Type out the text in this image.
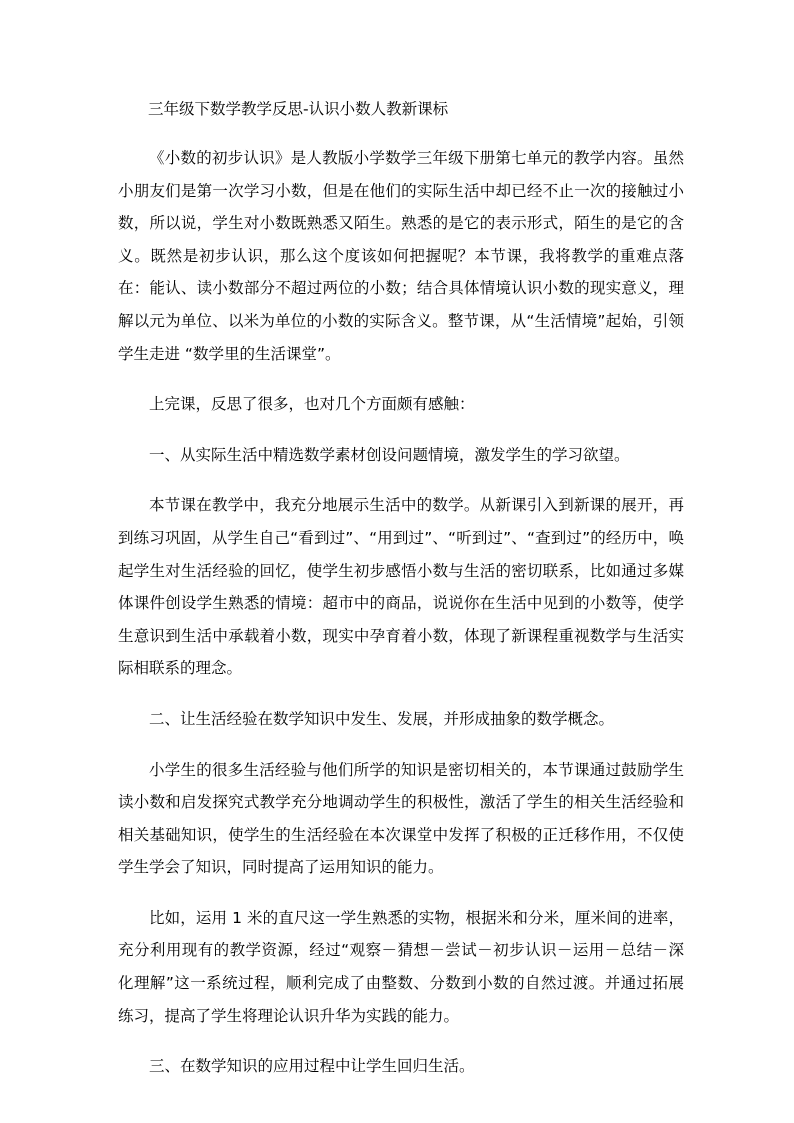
三年级下数学教学反思-认识小数人教新课标

《小数的初步认识》是人教版小学数学三年级下册第七单元的教学内容。虽然小朋友们是第一次学习小数，但是在他们的实际生活中却已经不止一次的接触过小数，所以说，学生对小数既熟悉又陌生。熟悉的是它的表示形式，陌生的是它的含义。既然是初步认识，那么这个度该如何把握呢？本节课，我将教学的重难点落在：能认、读小数部分不超过两位的小数；结合具体情境认识小数的现实意义，理解以元为单位、以米为单位的小数的实际含义。整节课，从“生活情境”起始，引领学生走进 “数学里的生活课堂”。

上完课，反思了很多，也对几个方面颇有感触：

一、从实际生活中精选数学素材创设问题情境，激发学生的学习欲望。

本节课在教学中，我充分地展示生活中的数学。从新课引入到新课的展开，再到练习巩固，从学生自己“看到过”、“用到过”、“听到过”、“查到过”的经历中，唤起学生对生活经验的回忆，使学生初步感悟小数与生活的密切联系，比如通过多媒体课件创设学生熟悉的情境：超市中的商品，说说你在生活中见到的小数等，使学生意识到生活中承载着小数，现实中孕育着小数，体现了新课程重视数学与生活实际相联系的理念。

二、让生活经验在数学知识中发生、发展，并形成抽象的数学概念。

小学生的很多生活经验与他们所学的知识是密切相关的，本节课通过鼓励学生读小数和启发探究式教学充分地调动学生的积极性，激活了学生的相关生活经验和相关基础知识，使学生的生活经验在本次课堂中发挥了积极的正迁移作用，不仅使学生学会了知识，同时提高了运用知识的能力。

比如，运用 1 米的直尺这一学生熟悉的实物，根据米和分米，厘米间的进率，充分利用现有的教学资源，经过“观察－猜想－尝试－初步认识－运用－总结－深化理解”这一系统过程，顺利完成了由整数、分数到小数的自然过渡。并通过拓展练习，提高了学生将理论认识升华为实践的能力。

三、在数学知识的应用过程中让学生回归生活。
